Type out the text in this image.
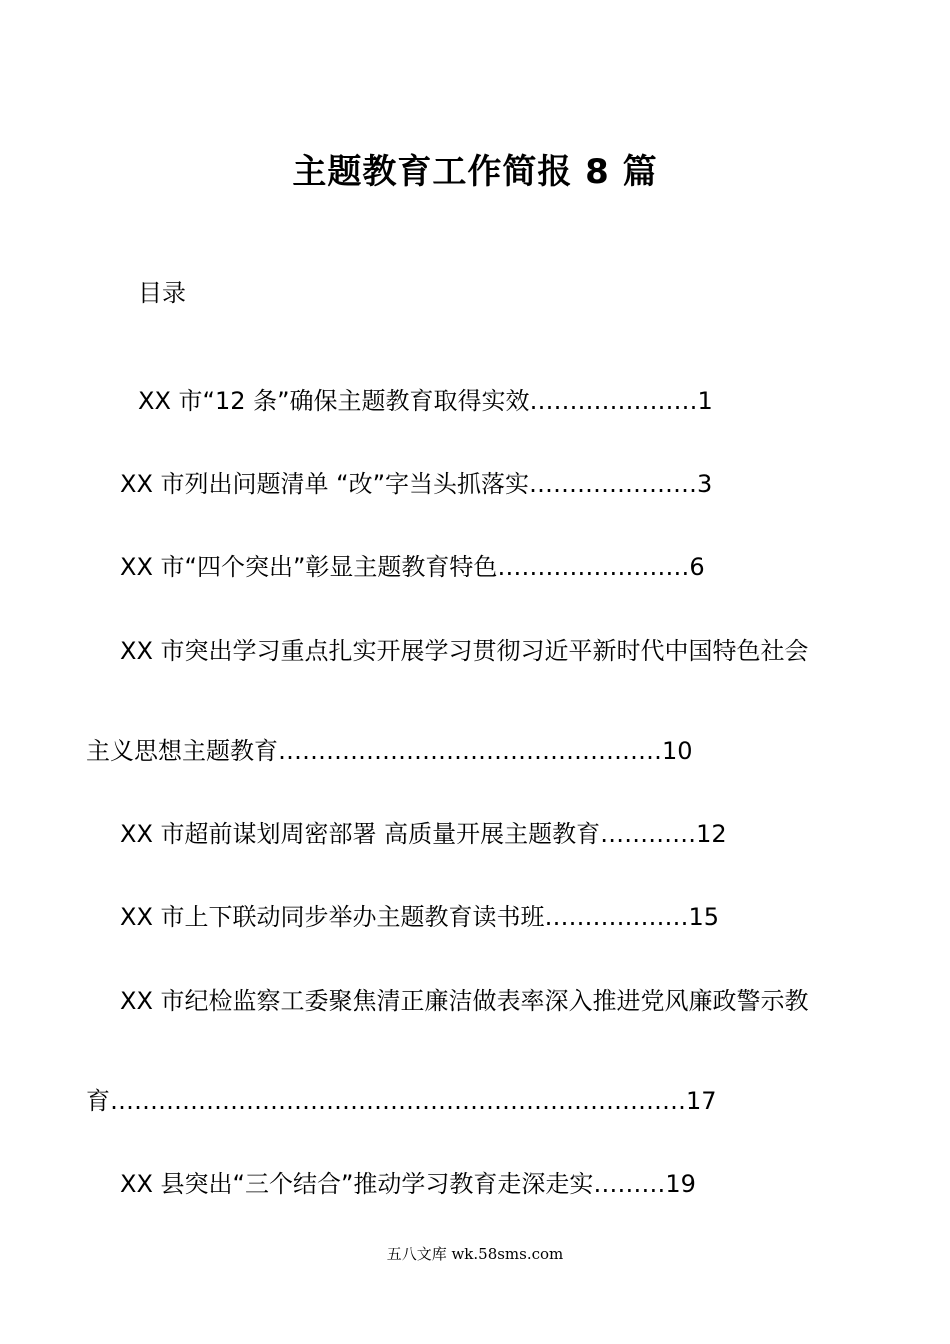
主题教育工作简报 8 篇
目录
XX 市“12 条”确保主题教育取得实效…………………1
XX 市列出问题清单 “改”字当头抓落实…………………3
XX 市“四个突出”彰显主题教育特色……………………6
XX 市突出学习重点扎实开展学习贯彻习近平新时代中国特色社会
主义思想主题教育…………………………………………10
XX 市超前谋划周密部署 高质量开展主题教育…………12
XX 市上下联动同步举办主题教育读书班………………15
XX 市纪检监察工委聚焦清正廉洁做表率深入推进党风廉政警示教
育………………………………………………………………17
XX 县突出“三个结合”推动学习教育走深走实………19
五八文库 wk.58sms.com
